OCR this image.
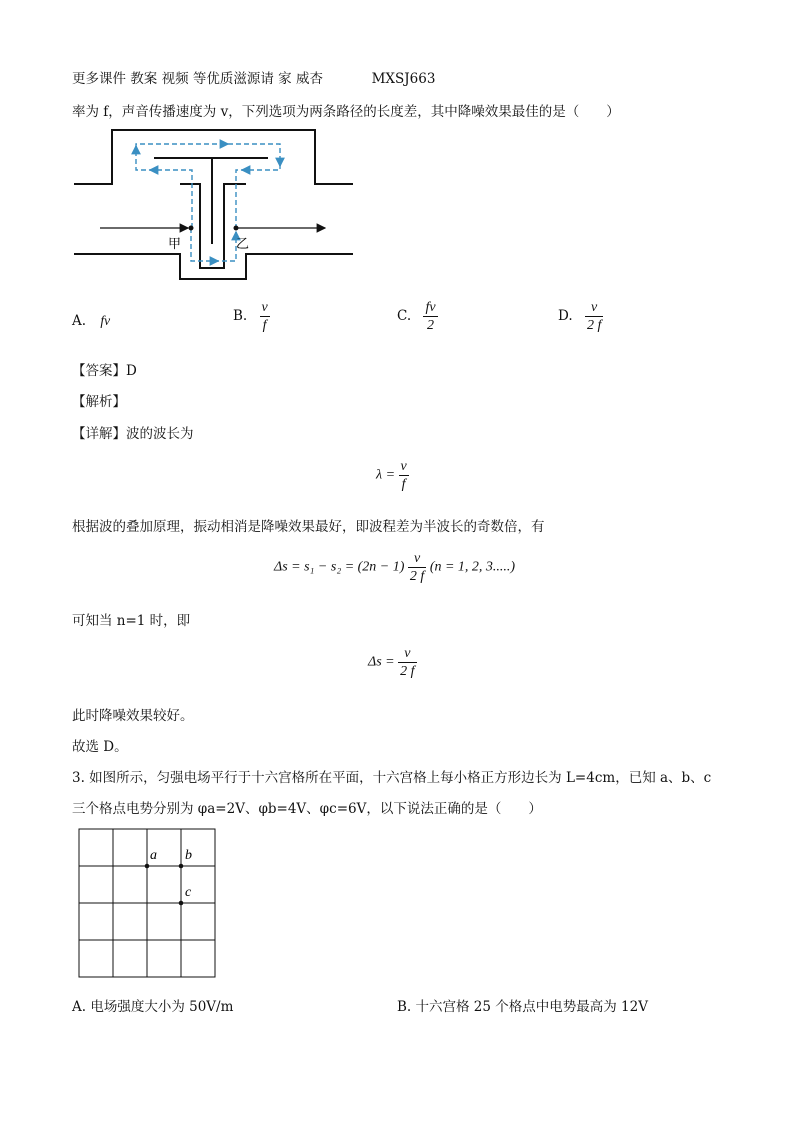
更多课件 教案 视频 等优质滋源请 家 威杏	MXSJ663
率为 f，声音传播速度为 v，下列选项为两条路径的长度差，其中降噪效果最佳的是（　　）
甲	乙
A. fv	B. $\frac{v}{f}$	C. $\frac{fv}{2}$	D. $\frac{v}{2 f}$
【答案】D
【解析】
【详解】波的波长为
$\lambda = \frac{v}{f}$
根据波的叠加原理，振动相消是降噪效果最好，即波程差为半波长的奇数倍，有
$\Delta s = s_1 - s_2 = (2n - 1) \frac{v}{2 f} (n = 1$, 2, 3.....)
可知当 n=1 时，即
$\Delta s = \frac{v}{2 f}$
此时降噪效果较好。
故选 D。
3. 如图所示，匀强电场平行于十六宫格所在平面，十六宫格上每小格正方形边长为 L=4cm，已知 a、b、c
三个格点电势分别为 φa=2V、φb=4V、φc=6V，以下说法正确的是（　　）
a b
c
A. 电场强度大小为 50V/m	B. 十六宫格 25 个格点中电势最高为 12V
